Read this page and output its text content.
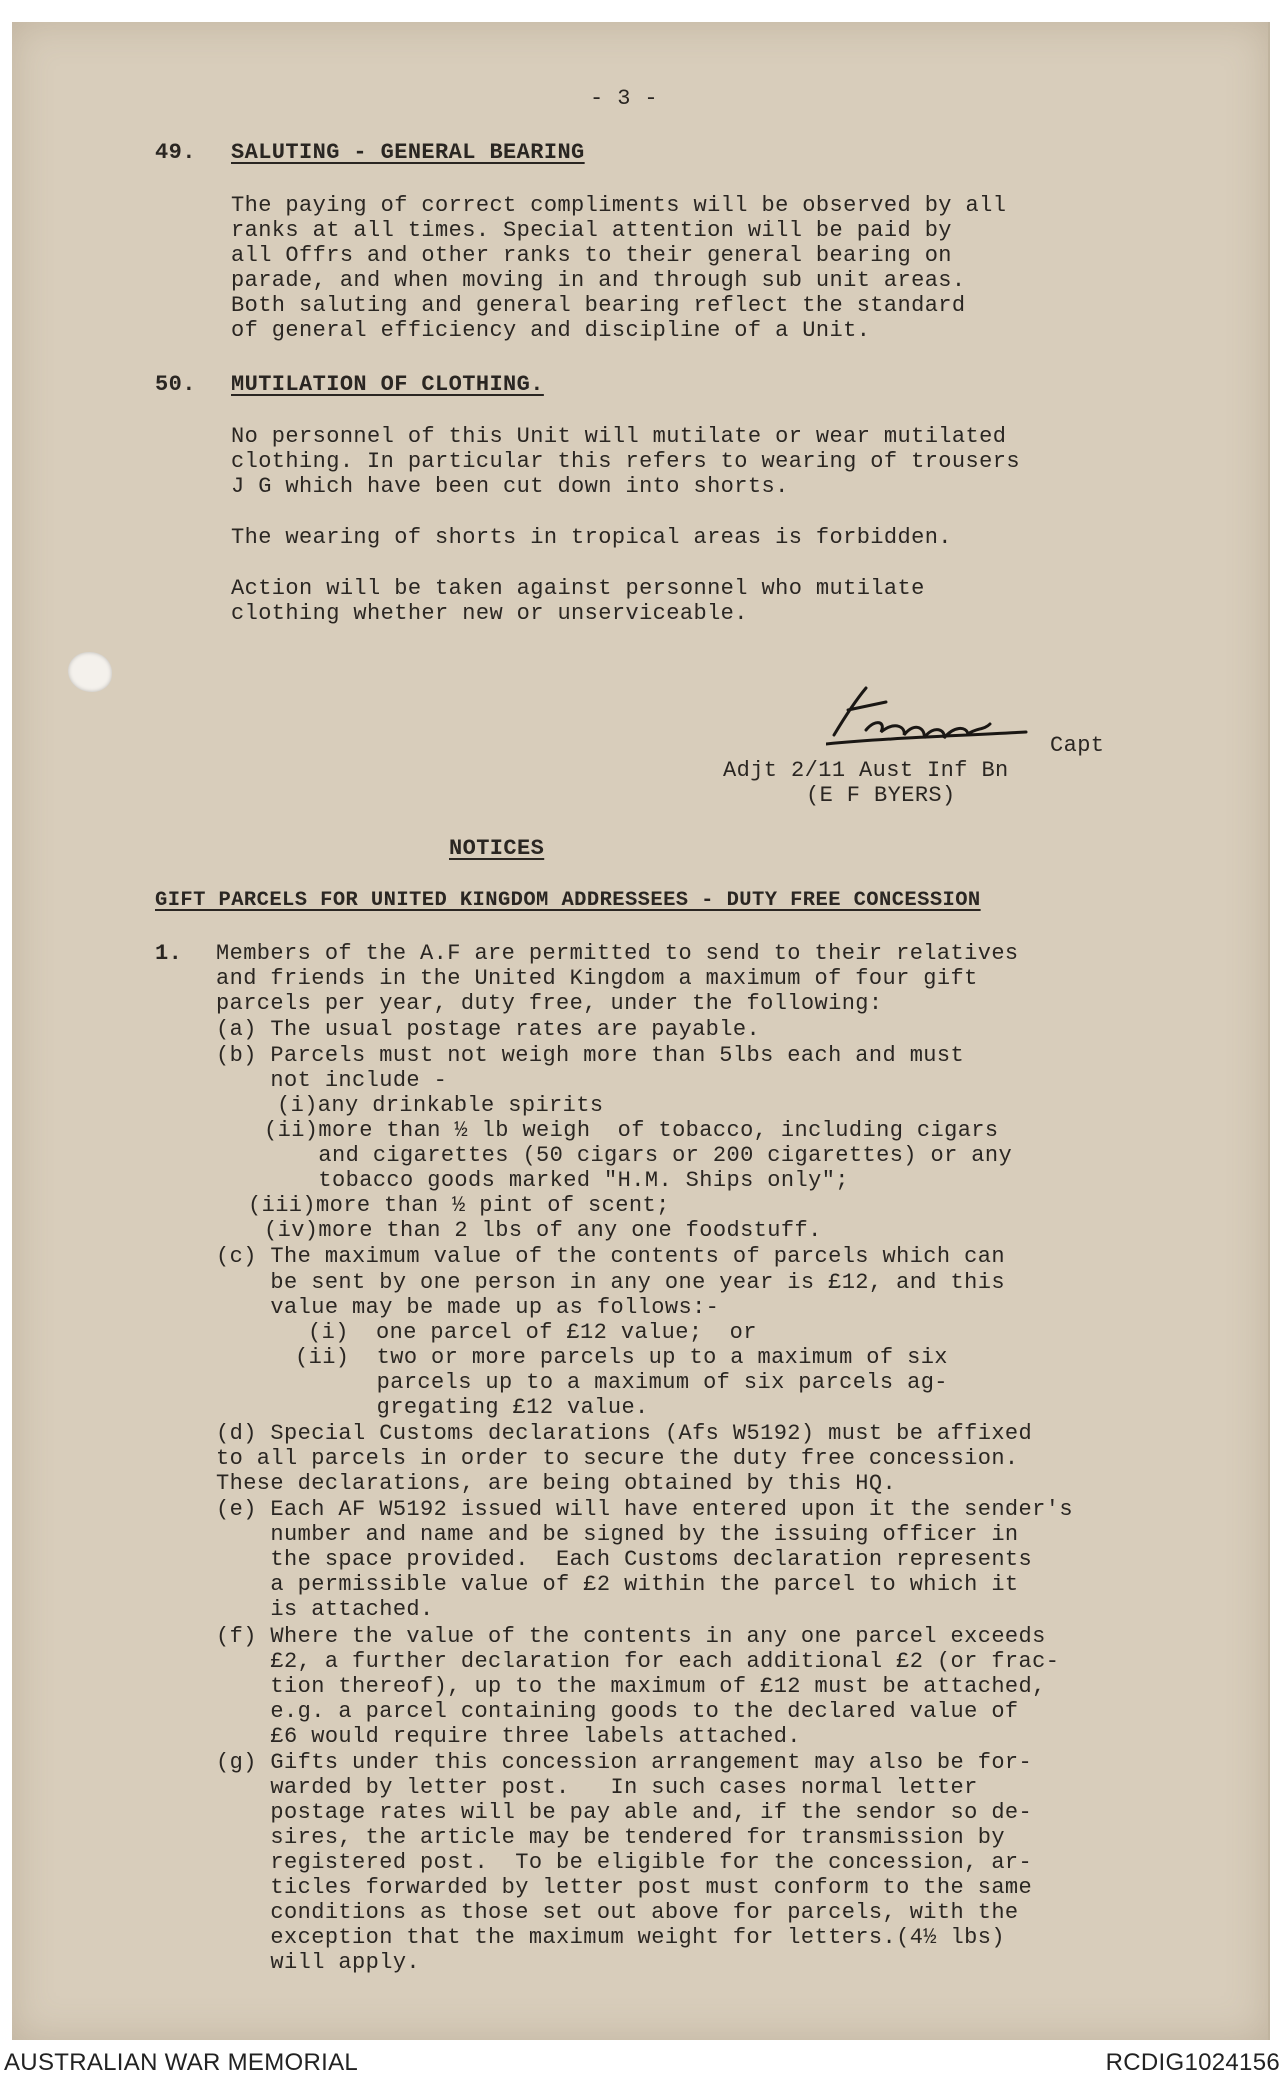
- 3 -
49. SALUTING - GENERAL BEARING
The paying of correct compliments will be observed by all
ranks at all times. Special attention will be paid by
all Offrs and other ranks to their general bearing on
parade, and when moving in and through sub unit areas.
Both saluting and general bearing reflect the standard
of general efficiency and discipline of a Unit.
50. MUTILATION OF CLOTHING.
No personnel of this Unit will mutilate or wear mutilated
clothing. In particular this refers to wearing of trousers
J G which have been cut down into shorts.
The wearing of shorts in tropical areas is forbidden.
Action will be taken against personnel who mutilate
clothing whether new or unserviceable.
Capt
Adjt 2/11 Aust Inf Bn
(E F BYERS)
NOTICES
GIFT PARCELS FOR UNITED KINGDOM ADDRESSEES - DUTY FREE CONCESSION
1. Members of the A.F are permitted to send to their relatives
and friends in the United Kingdom a maximum of four gift
parcels per year, duty free, under the following:
(a) The usual postage rates are payable.
(b) Parcels must not weigh more than 5lbs each and must
not include -
(i)any drinkable spirits
(ii)more than ½ lb weigh  of tobacco, including cigars
and cigarettes (50 cigars or 200 cigarettes) or any
tobacco goods marked "H.M. Ships only";
(iii)more than ½ pint of scent;
(iv)more than 2 lbs of any one foodstuff.
(c) The maximum value of the contents of parcels which can
be sent by one person in any one year is £12, and this
value may be made up as follows:-
(i)  one parcel of £12 value;  or
(ii)  two or more parcels up to a maximum of six
parcels up to a maximum of six parcels ag-
gregating £12 value.
(d) Special Customs declarations (Afs W5192) must be affixed
to all parcels in order to secure the duty free concession.
These declarations, are being obtained by this HQ.
(e) Each AF W5192 issued will have entered upon it the sender's
number and name and be signed by the issuing officer in
the space provided.  Each Customs declaration represents
a permissible value of £2 within the parcel to which it
is attached.
(f) Where the value of the contents in any one parcel exceeds
£2, a further declaration for each additional £2 (or frac-
tion thereof), up to the maximum of £12 must be attached,
e.g. a parcel containing goods to the declared value of
£6 would require three labels attached.
(g) Gifts under this concession arrangement may also be for-
warded by letter post.   In such cases normal letter
postage rates will be pay able and, if the sendor so de-
sires, the article may be tendered for transmission by
registered post.  To be eligible for the concession, ar-
ticles forwarded by letter post must conform to the same
conditions as those set out above for parcels, with the
exception that the maximum weight for letters.(4½ lbs)
will apply.
AUSTRALIAN WAR MEMORIAL	RCDIG1024156
